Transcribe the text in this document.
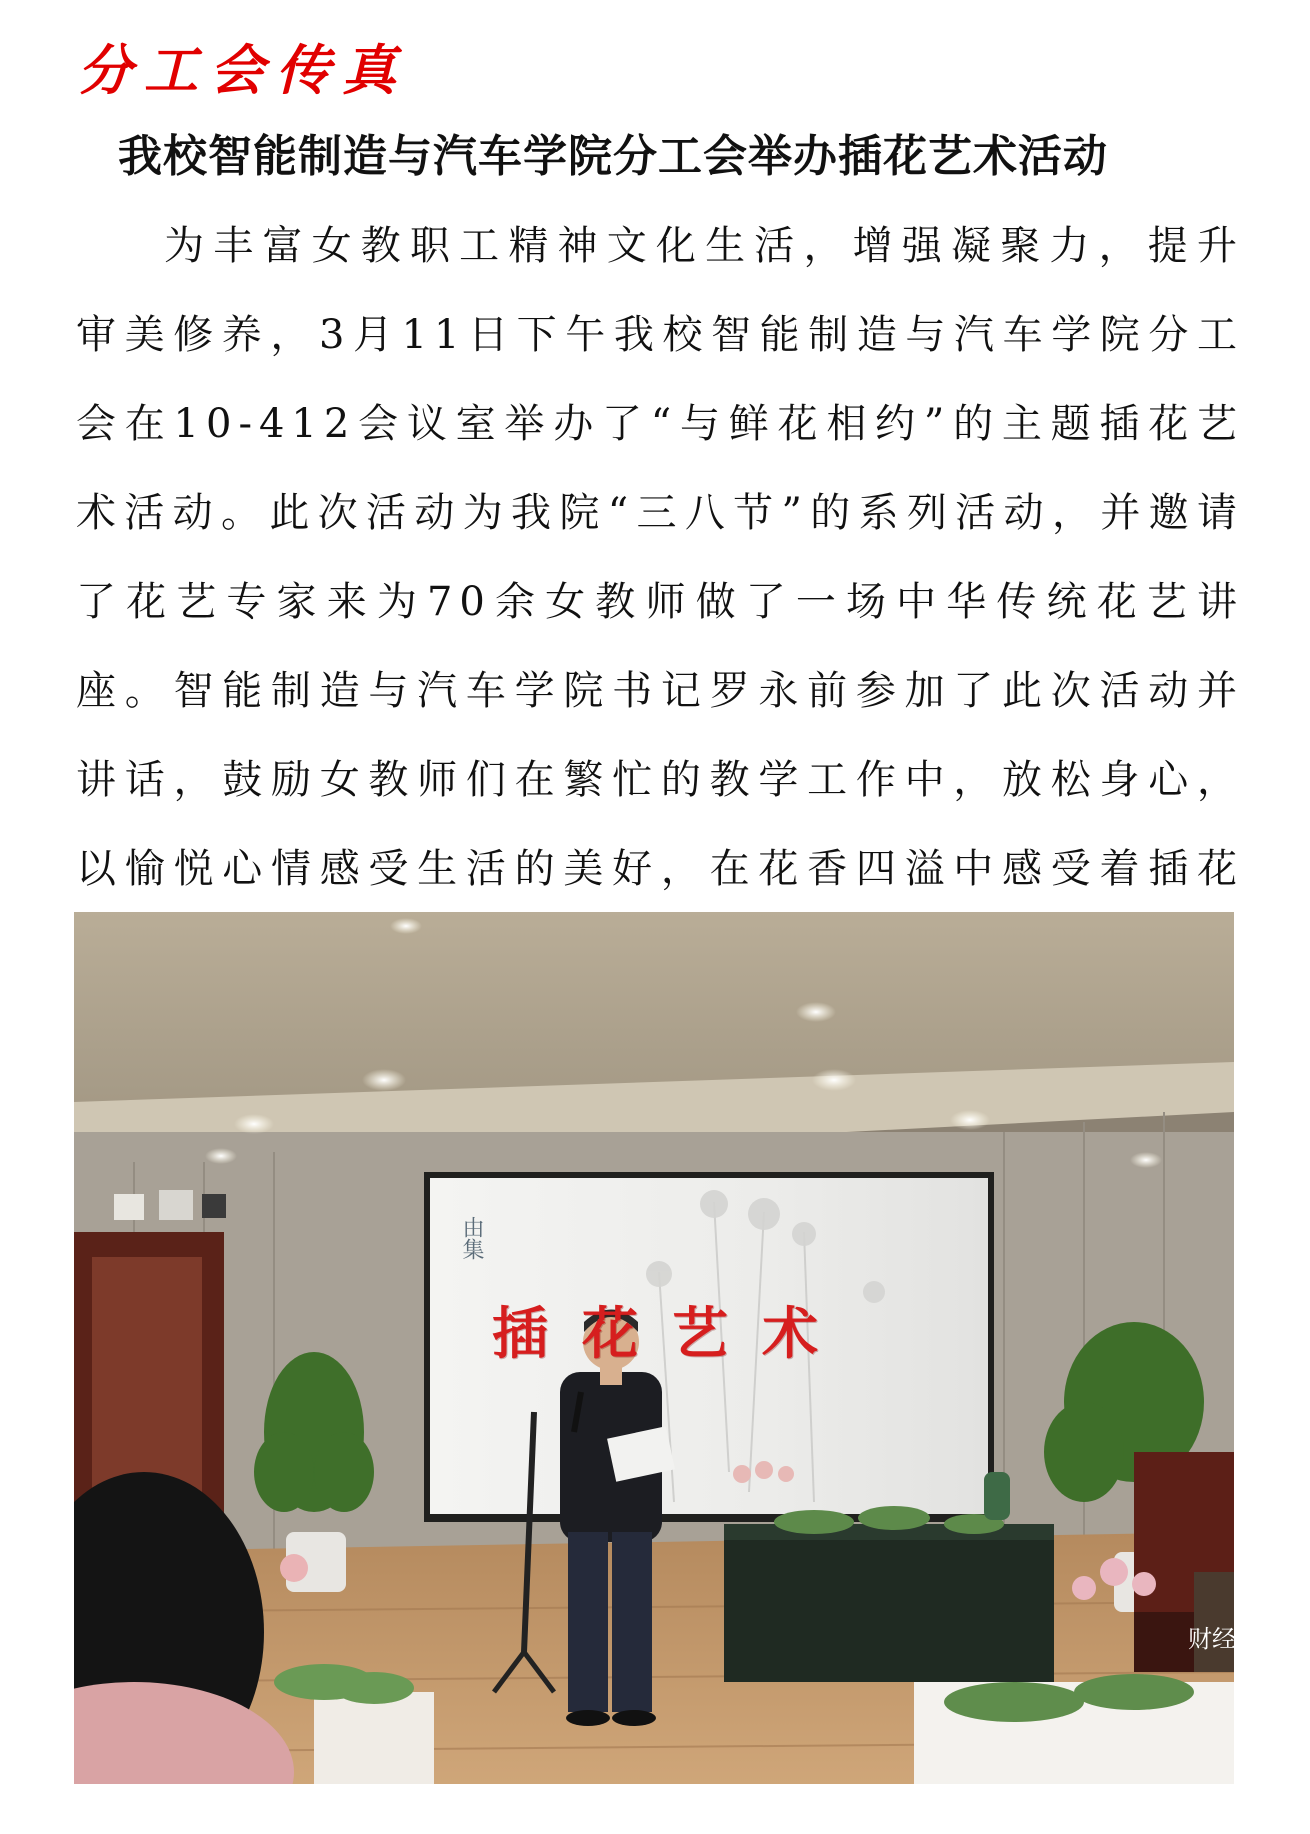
分工会传真
我校智能制造与汽车学院分工会举办插花艺术活动

为丰富女教职工精神文化生活，增强凝聚力，提升审美修养，3月11日下午我校智能制造与汽车学院分工会在10-412会议室举办了“与鲜花相约”的主题插花艺术活动。此次活动为我院“三八节”的系列活动，并邀请了花艺专家来为70余女教师做了一场中华传统花艺讲座。智能制造与汽车学院书记罗永前参加了此次活动并讲话，鼓励女教师们在繁忙的教学工作中，放松身心，以愉悦心情感受生活的美好，在花香四溢中感受着插花

插花艺术
由集
财经 Busin
